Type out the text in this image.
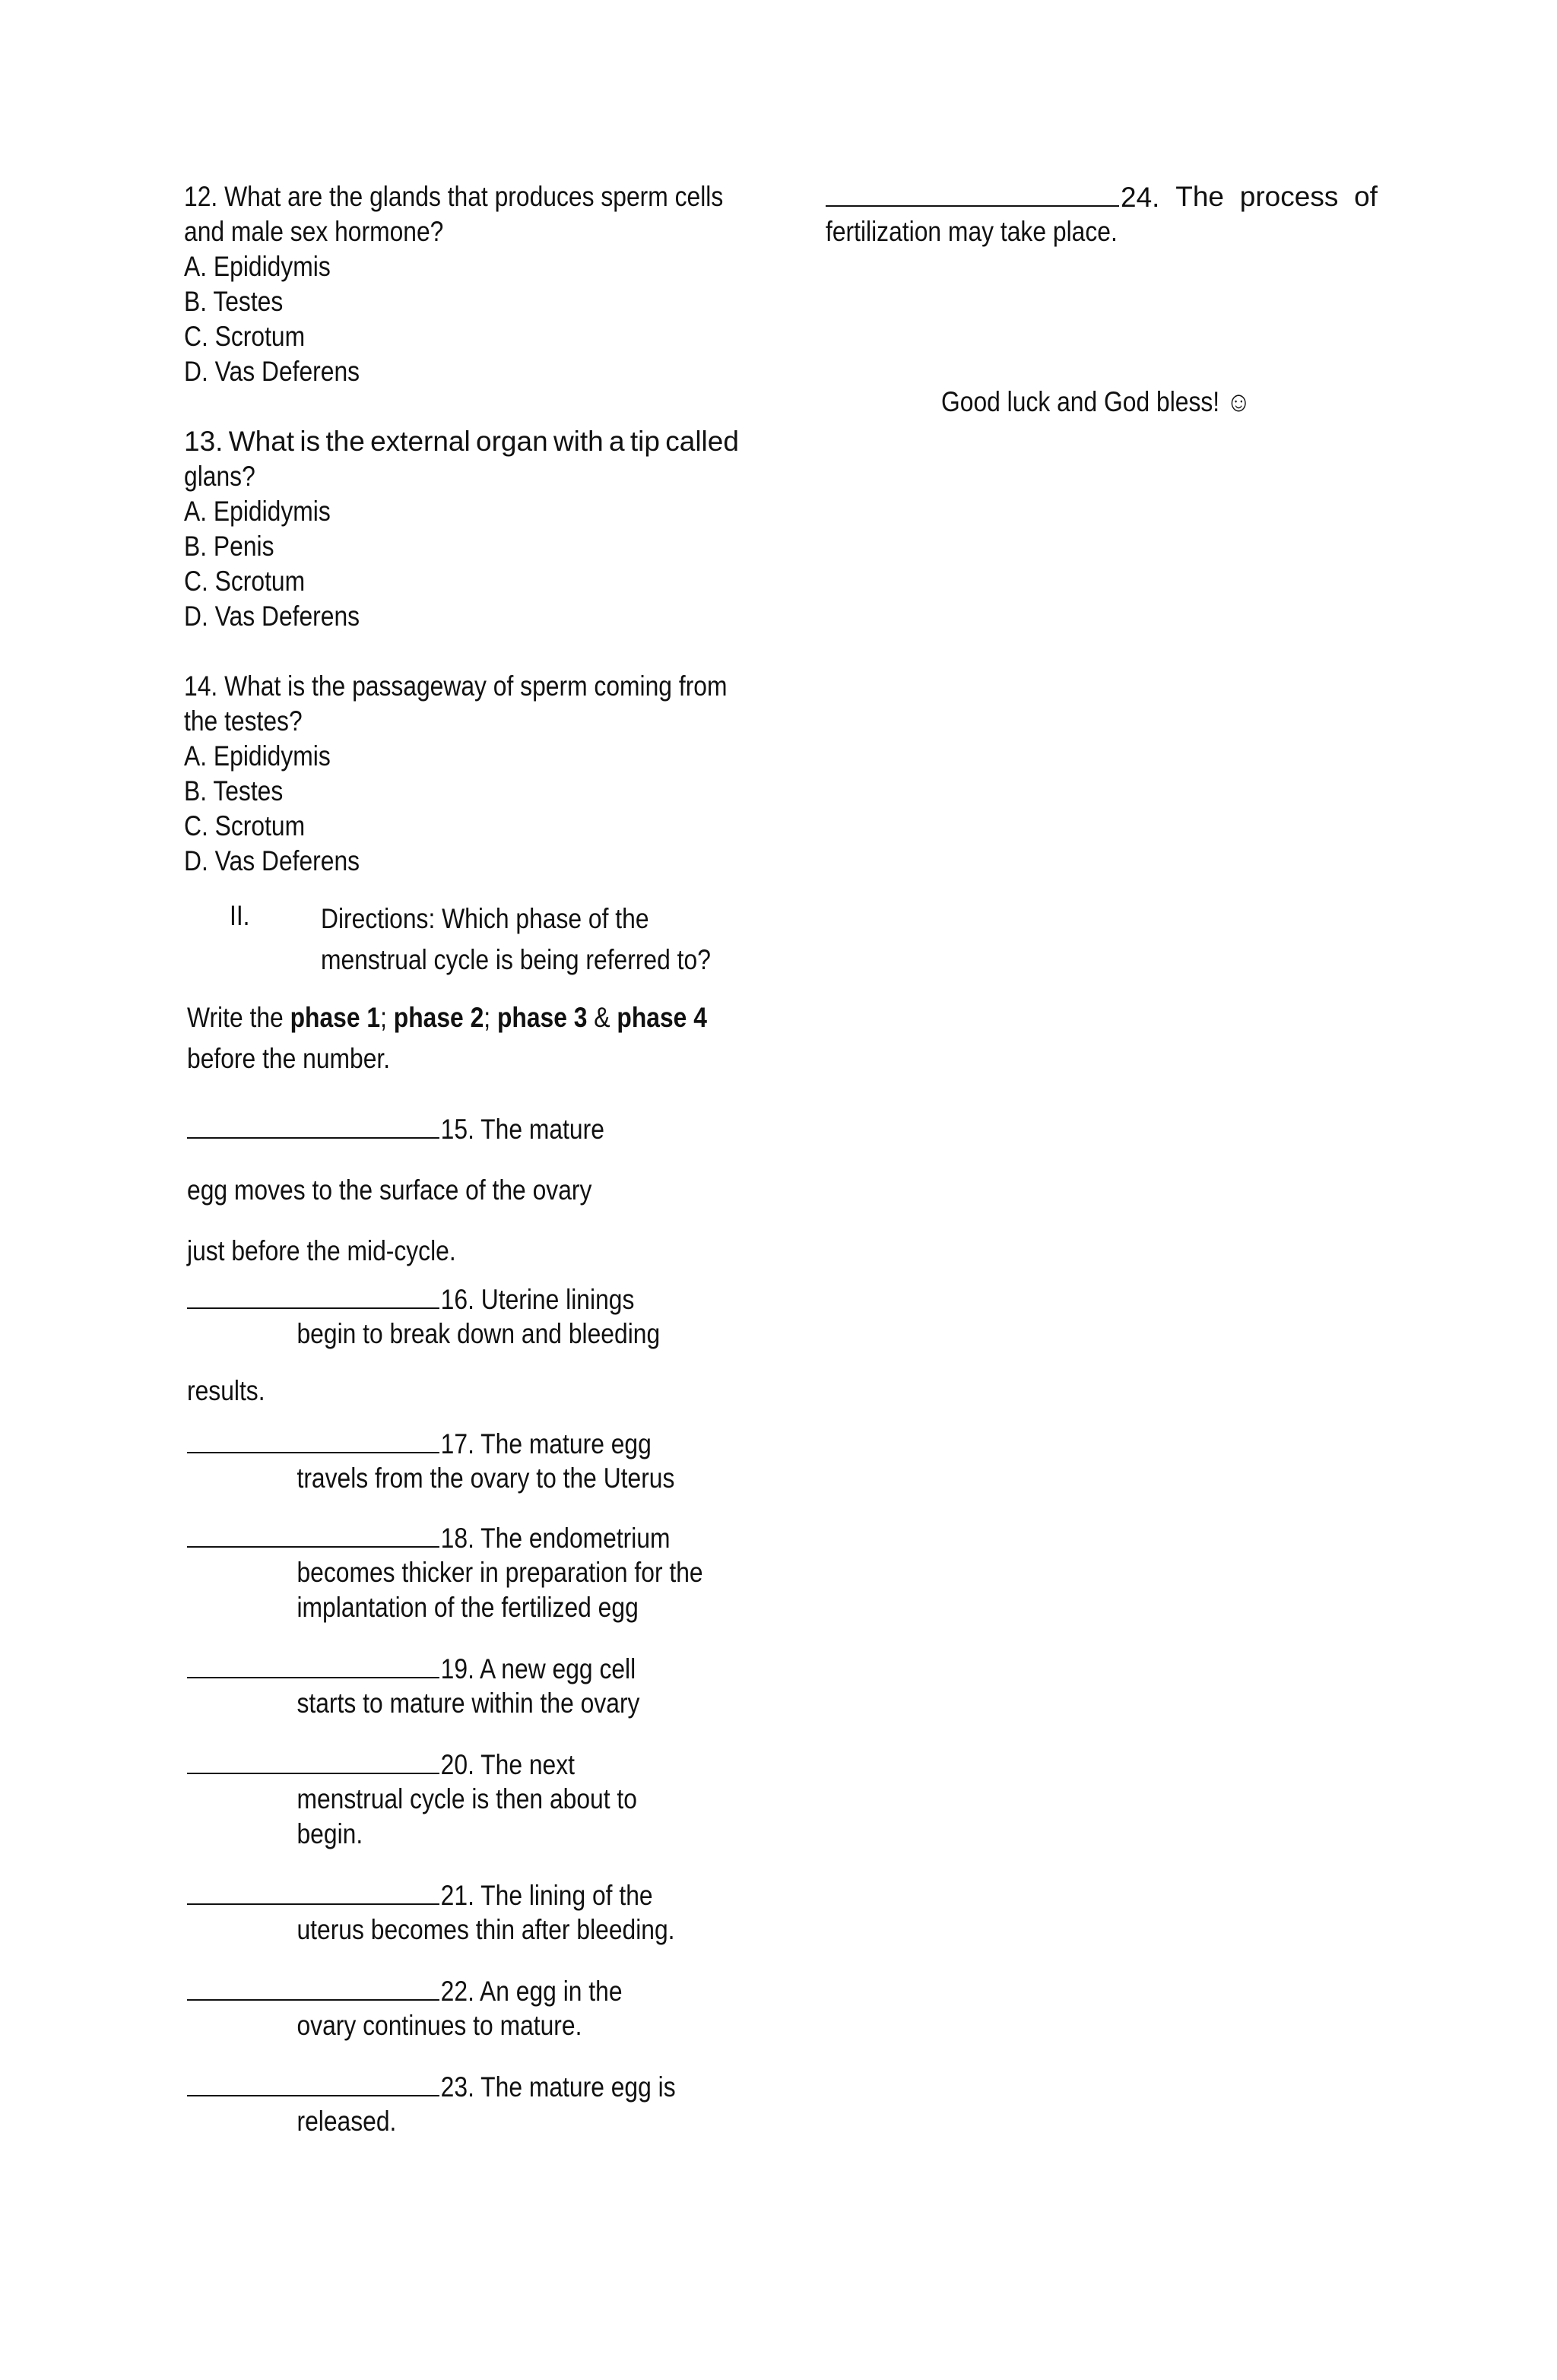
12. What are the glands that produces sperm cells
and male sex hormone?
A. Epididymis
B. Testes
C. Scrotum
D. Vas Deferens
13. What is the external organ with a tip called
glans?
A. Epididymis
B. Penis
C. Scrotum
D. Vas Deferens
14. What is the passageway of sperm coming from
the testes?
A. Epididymis
B. Testes
C. Scrotum
D. Vas Deferens
II.	Directions: Which phase of the
menstrual cycle is being referred to?
Write the phase 1; phase 2; phase 3 & phase 4
before the number.
15. The mature
egg moves to the surface of the ovary
just before the mid-cycle.
16. Uterine linings
begin to break down and bleeding
results.
17. The mature egg
travels from the ovary to the Uterus
18. The endometrium
becomes thicker in preparation for the
implantation of the fertilized egg
19. A new egg cell
starts to mature within the ovary
20. The next
menstrual cycle is then about to
begin.
21. The lining of the
uterus becomes thin after bleeding.
22. An egg in the
ovary continues to mature.
23. The mature egg is
released.
24. The process of
fertilization may take place.
Good luck and God bless! ☺
